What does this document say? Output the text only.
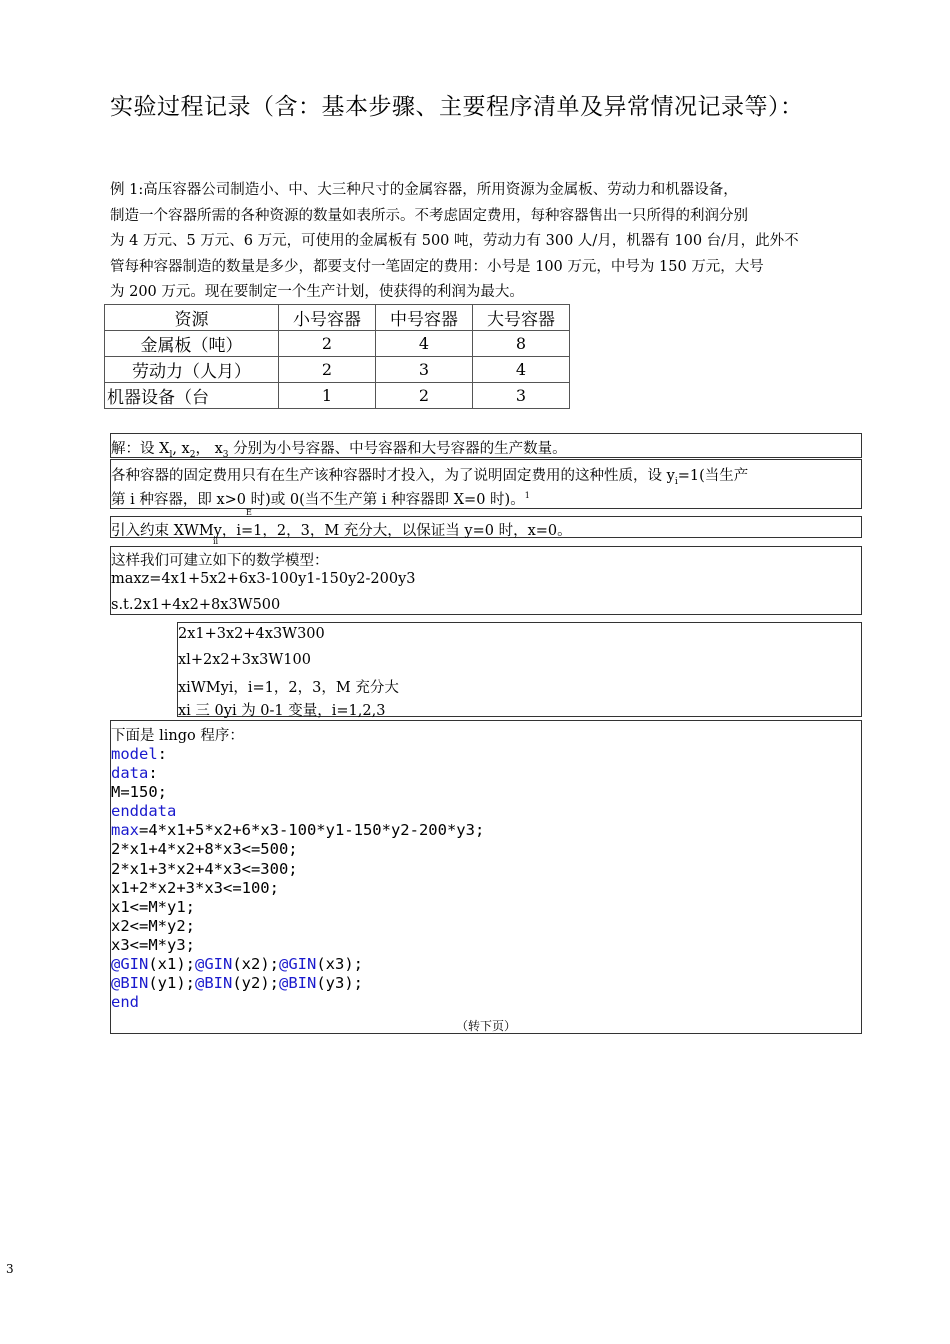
实验过程记录（含：基本步骤、主要程序清单及异常情况记录等）：
例 1:高压容器公司制造小、中、大三种尺寸的金属容器，所用资源为金属板、劳动力和机器设备，
制造一个容器所需的各种资源的数量如表所示。不考虑固定费用，每种容器售出一只所得的利润分别
为 4 万元、5 万元、6 万元，可使用的金属板有 500 吨，劳动力有 300 人/月，机器有 100 台/月，此外不
管每种容器制造的数量是多少，都要支付一笔固定的费用：小号是 100 万元，中号为 150 万元，大号
为 200 万元。现在要制定一个生产计划，使获得的利润为最大。
资源	小号容器	中号容器	大号容器
金属板（吨）	2	4	8
劳动力（人月）	2	3	4
机器设备（台	1	2	3
解：设 $X_l$, $x_2$， $x_3$ 分别为小号容器、中号容器和大号容器的生产数量。
各种容器的固定费用只有在生产该种容器时才投入，为了说明固定费用的这种性质，设 $y_i=1$(当生产
第 i 种容器，即 x>0 时)或 0(当不生产第 i 种容器即 X=0 时)。$^1$
E
引入约束 XWMy，i=1，2，3，M 充分大，以保证当 y=0 时，x=0。
ii
这样我们可建立如下的数学模型：
maxz=4x1+5x2+6x3-100y1-150y2-200y3
s.t.2x1+4x2+8x3W500
2x1+3x2+4x3W300
xl+2x2+3x3W100
xiWMyi，i=1，2，3，M 充分大
xi 三 0yi 为 0-1 变量，i=1,2,3
下面是 lingo 程序：
model:
data:
M=150;
enddata
max=4*x1+5*x2+6*x3-100*y1-150*y2-200*y3;
2*x1+4*x2+8*x3<=500;
2*x1+3*x2+4*x3<=300;
x1+2*x2+3*x3<=100;
x1<=M*y1;
x2<=M*y2;
x3<=M*y3;
@GIN(x1);@GIN(x2);@GIN(x3);
@BIN(y1);@BIN(y2);@BIN(y3);
end
（转下页）
3
